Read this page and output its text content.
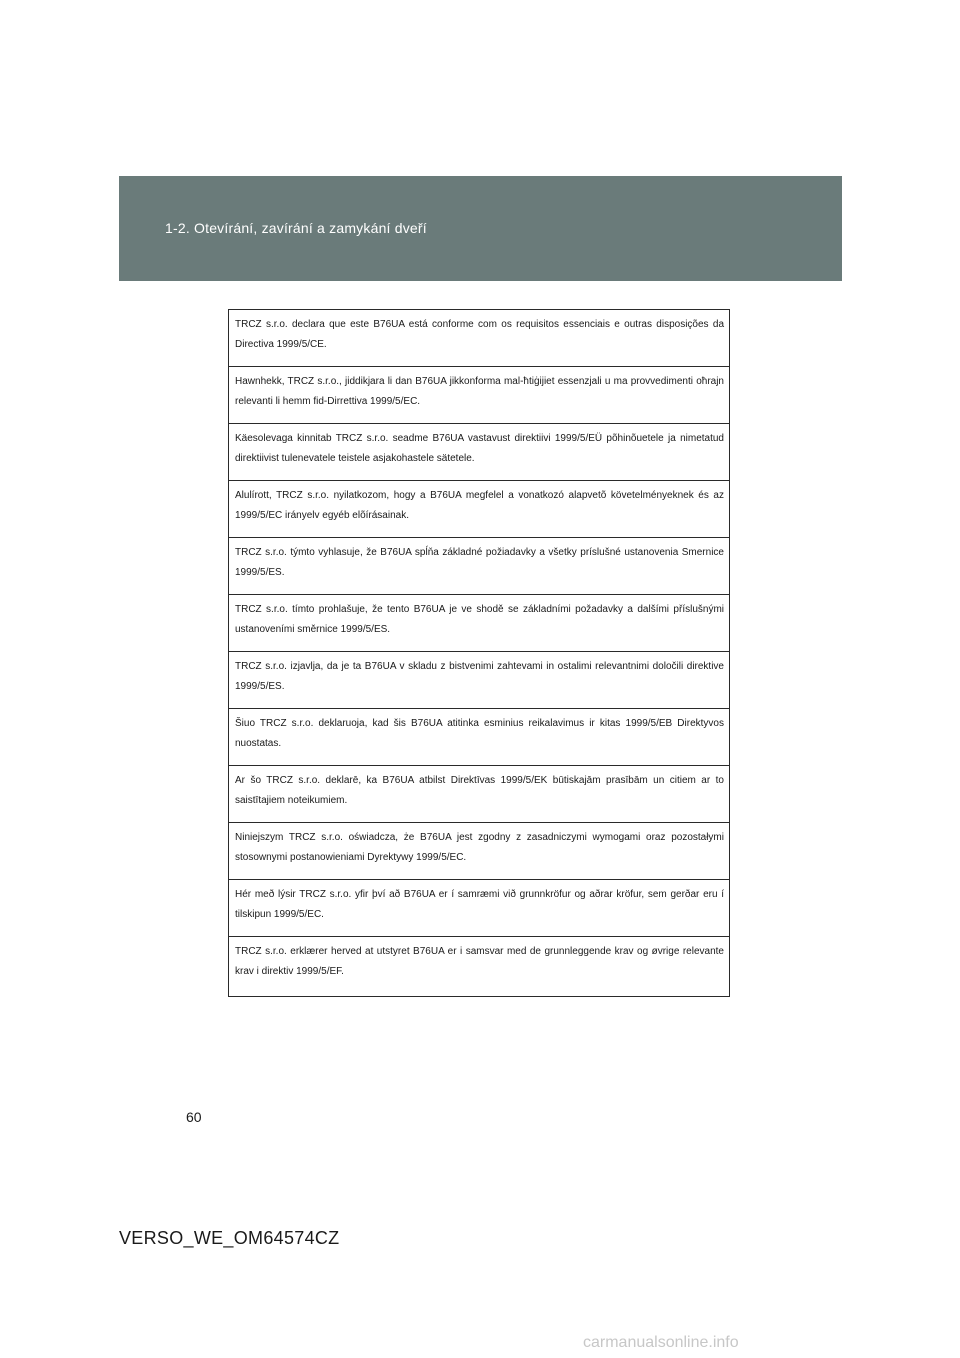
1-2. Otevírání, zavírání a zamykání dveří
TRCZ s.r.o. declara que este B76UA está conforme com os requisitos essenciais e outras disposições da Directiva 1999/5/CE.
Hawnhekk, TRCZ s.r.o., jiddikjara li dan B76UA jikkonforma mal-ħtiġijiet essenzjali u ma provvedimenti oħrajn relevanti li hemm fid-Dirrettiva 1999/5/EC.
Käesolevaga kinnitab TRCZ s.r.o. seadme B76UA vastavust direktiivi 1999/5/EÜ põhinõuetele ja nimetatud direktiivist tulenevatele teistele asjakohastele sätetele.
Alulírott, TRCZ s.r.o. nyilatkozom, hogy a B76UA megfelel a vonatkozó alapvetõ követelményeknek és az 1999/5/EC irányelv egyéb elõírásainak.
TRCZ s.r.o. týmto vyhlasuje, že B76UA spĺňa základné požiadavky a všetky príslušné ustanovenia Smernice 1999/5/ES.
TRCZ s.r.o. tímto prohlašuje, že tento B76UA je ve shodě se základními požadavky a dalšími příslušnými ustanoveními směrnice 1999/5/ES.
TRCZ s.r.o. izjavlja, da je ta B76UA v skladu z bistvenimi zahtevami in ostalimi relevantnimi določili direktive 1999/5/ES.
Šiuo TRCZ s.r.o. deklaruoja, kad šis B76UA atitinka esminius reikalavimus ir kitas 1999/5/EB Direktyvos nuostatas.
Ar šo TRCZ s.r.o. deklarē, ka B76UA atbilst Direktīvas 1999/5/EK būtiskajām prasībām un citiem ar to saistītajiem noteikumiem.
Niniejszym TRCZ s.r.o. oświadcza, że B76UA jest zgodny z zasadniczymi wymogami oraz pozostałymi stosownymi postanowieniami Dyrektywy 1999/5/EC.
Hér með lýsir TRCZ s.r.o. yfir því að B76UA er í samræmi við grunnkröfur og aðrar kröfur, sem gerðar eru í tilskipun 1999/5/EC.
TRCZ s.r.o. erklærer herved at utstyret B76UA er i samsvar med de grunnleggende krav og øvrige relevante krav i direktiv 1999/5/EF.
60
VERSO_WE_OM64574CZ
carmanualsonline.info
